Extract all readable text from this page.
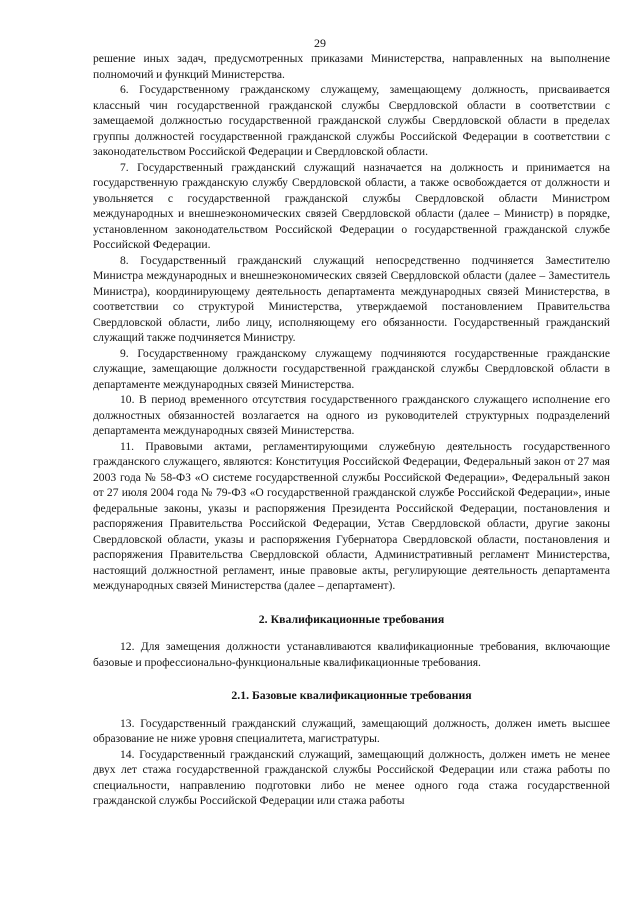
29

решение иных задач, предусмотренных приказами Министерства, направленных на выполнение полномочий и функций Министерства.

6. Государственному гражданскому служащему, замещающему должность, присваивается классный чин государственной гражданской службы Свердловской области в соответствии с замещаемой должностью государственной гражданской службы Свердловской области в пределах группы должностей государственной гражданской службы Российской Федерации в соответствии с законодательством Российской Федерации и Свердловской области.

7. Государственный гражданский служащий назначается на должность и принимается на государственную гражданскую службу Свердловской области, а также освобождается от должности и увольняется с государственной гражданской службы Свердловской области Министром международных и внешнеэкономических связей Свердловской области (далее – Министр) в порядке, установленном законодательством Российской Федерации о государственной гражданской службе Российской Федерации.

8. Государственный гражданский служащий непосредственно подчиняется Заместителю Министра международных и внешнеэкономических связей Свердловской области (далее – Заместитель Министра), координирующему деятельность департамента международных связей Министерства, в соответствии со структурой Министерства, утверждаемой постановлением Правительства Свердловской области, либо лицу, исполняющему его обязанности. Государственный гражданский служащий также подчиняется Министру.

9. Государственному гражданскому служащему подчиняются государственные гражданские служащие, замещающие должности государственной гражданской службы Свердловской области в департаменте международных связей Министерства.

10. В период временного отсутствия государственного гражданского служащего исполнение его должностных обязанностей возлагается на одного из руководителей структурных подразделений департамента международных связей Министерства.

11. Правовыми актами, регламентирующими служебную деятельность государственного гражданского служащего, являются: Конституция Российской Федерации, Федеральный закон от 27 мая 2003 года № 58-ФЗ «О системе государственной службы Российской Федерации», Федеральный закон от 27 июля 2004 года № 79-ФЗ «О государственной гражданской службе Российской Федерации», иные федеральные законы, указы и распоряжения Президента Российской Федерации, постановления и распоряжения Правительства Российской Федерации, Устав Свердловской области, другие законы Свердловской области, указы и распоряжения Губернатора Свердловской области, постановления и распоряжения Правительства Свердловской области, Административный регламент Министерства, настоящий должностной регламент, иные правовые акты, регулирующие деятельность департамента международных связей Министерства (далее – департамент).

2. Квалификационные требования

12. Для замещения должности устанавливаются квалификационные требования, включающие базовые и профессионально-функциональные квалификационные требования.

2.1. Базовые квалификационные требования

13. Государственный гражданский служащий, замещающий должность, должен иметь высшее образование не ниже уровня специалитета, магистратуры.

14. Государственный гражданский служащий, замещающий должность, должен иметь не менее двух лет стажа государственной гражданской службы Российской Федерации или стажа работы по специальности, направлению подготовки либо не менее одного года стажа государственной гражданской службы Российской Федерации или стажа работы
